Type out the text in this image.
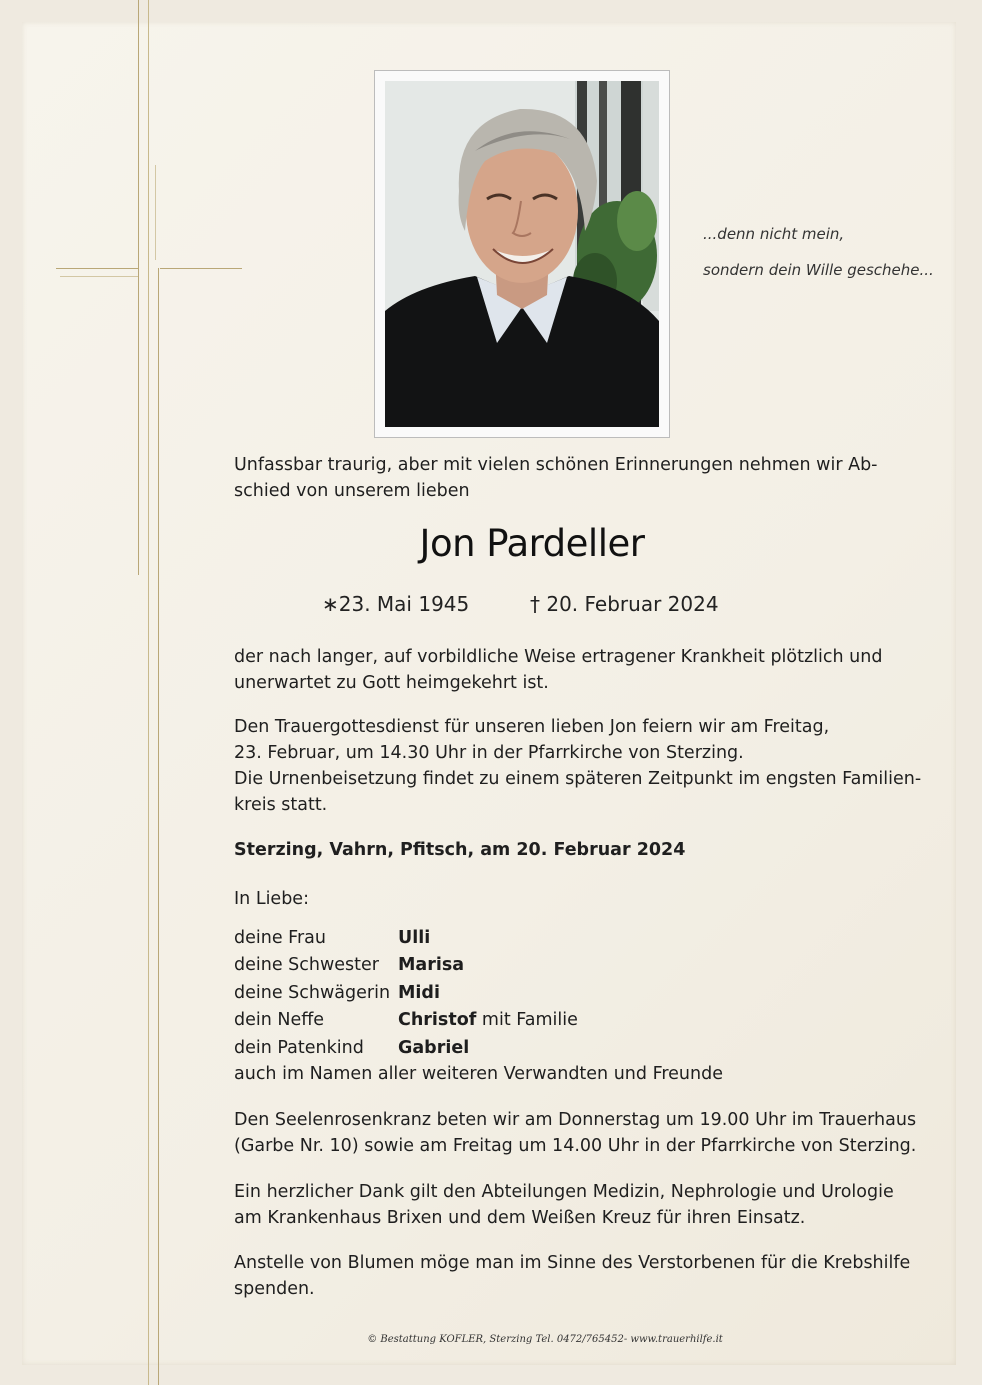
...denn nicht mein,
sondern dein Wille geschehe...
Unfassbar traurig, aber mit vielen schönen Erinnerungen nehmen wir Ab-
schied von unserem lieben
Jon Pardeller
∗23. Mai 1945	† 20. Februar 2024
der nach langer, auf vorbildliche Weise ertragener Krankheit plötzlich und
unerwartet zu Gott heimgekehrt ist.
Den Trauergottesdienst für unseren lieben Jon feiern wir am Freitag,
23. Februar, um 14.30 Uhr in der Pfarrkirche von Sterzing.
Die Urnenbeisetzung findet zu einem späteren Zeitpunkt im engsten Familien-
kreis statt.
Sterzing, Vahrn, Pfitsch, am 20. Februar 2024
In Liebe:
deine Frau	Ulli
deine Schwester	Marisa
deine Schwägerin	Midi
dein Neffe	Christof mit Familie
dein Patenkind	Gabriel
auch im Namen aller weiteren Verwandten und Freunde
Den Seelenrosenkranz beten wir am Donnerstag um 19.00 Uhr im Trauerhaus
(Garbe Nr. 10) sowie am Freitag um 14.00 Uhr in der Pfarrkirche von Sterzing.
Ein herzlicher Dank gilt den Abteilungen Medizin, Nephrologie und Urologie
am Krankenhaus Brixen und dem Weißen Kreuz für ihren Einsatz.
Anstelle von Blumen möge man im Sinne des Verstorbenen für die Krebshilfe
spenden.
© Bestattung KOFLER, Sterzing Tel. 0472/765452- www.trauerhilfe.it
